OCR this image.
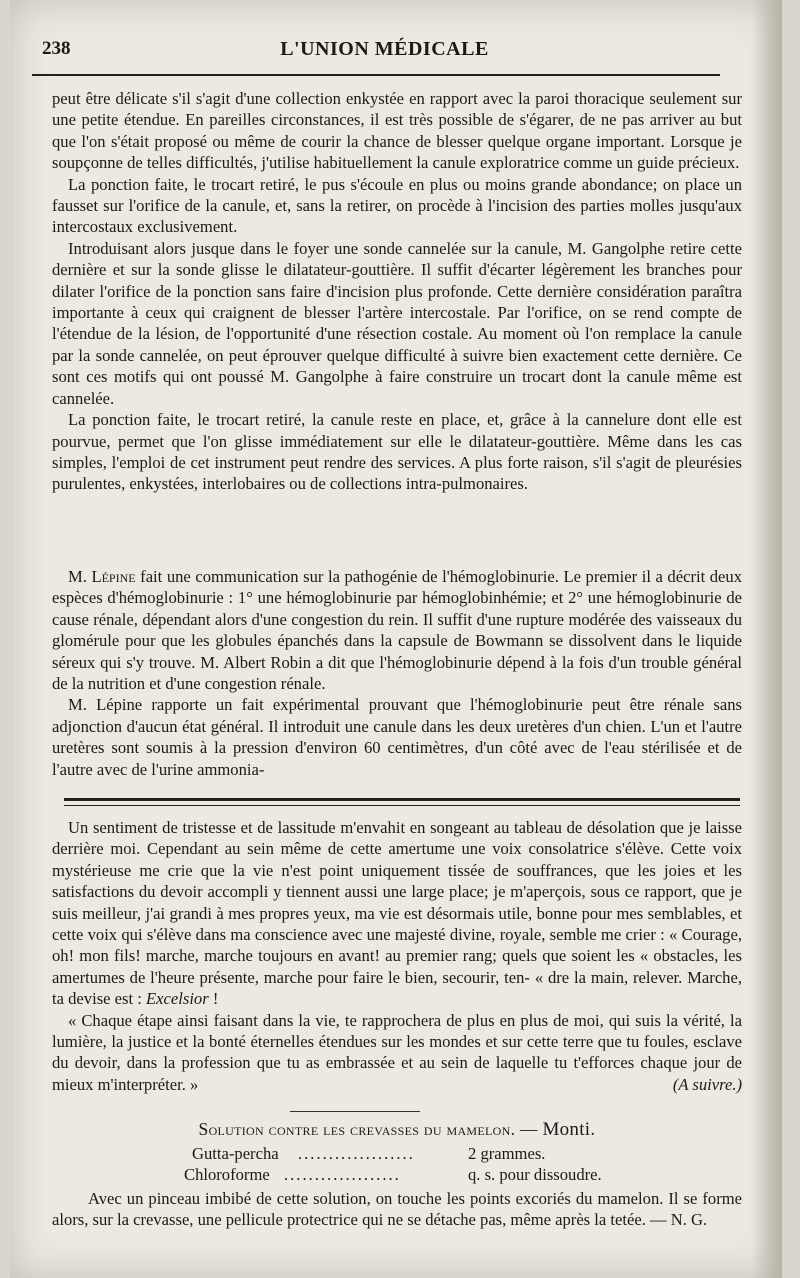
238	L'UNION MÉDICALE

peut être délicate s'il s'agit d'une collection enkystée en rapport avec la paroi thoracique seulement sur une petite étendue. En pareilles circonstances, il est très possible de s'égarer, de ne pas arriver au but que l'on s'était proposé ou même de courir la chance de blesser quelque organe important. Lorsque je soupçonne de telles difficultés, j'utilise habituellement la canule exploratrice comme un guide précieux.

La ponction faite, le trocart retiré, le pus s'écoule en plus ou moins grande abondance; on place un fausset sur l'orifice de la canule, et, sans la retirer, on procède à l'incision des parties molles jusqu'aux intercostaux exclusivement.

Introduisant alors jusque dans le foyer une sonde cannelée sur la canule, M. Gangolphe retire cette dernière et sur la sonde glisse le dilatateur-gouttière. Il suffit d'écarter légèrement les branches pour dilater l'orifice de la ponction sans faire d'incision plus profonde. Cette dernière considération paraîtra importante à ceux qui craignent de blesser l'artère intercostale. Par l'orifice, on se rend compte de l'étendue de la lésion, de l'opportunité d'une résection costale. Au moment où l'on remplace la canule par la sonde cannelée, on peut éprouver quelque difficulté à suivre bien exactement cette dernière. Ce sont ces motifs qui ont poussé M. Gangolphe à faire construire un trocart dont la canule même est cannelée.

La ponction faite, le trocart retiré, la canule reste en place, et, grâce à la cannelure dont elle est pourvue, permet que l'on glisse immédiatement sur elle le dilatateur-gouttière. Même dans les cas simples, l'emploi de cet instrument peut rendre des services. A plus forte raison, s'il s'agit de pleurésies purulentes, enkystées, interlobaires ou de collections intra-pulmonaires.

M. Lépine fait une communication sur la pathogénie de l'hémoglobinurie. Le premier il a décrit deux espèces d'hémoglobinurie : 1° une hémoglobinurie par hémoglobinhémie; et 2° une hémoglobinurie de cause rénale, dépendant alors d'une congestion du rein. Il suffit d'une rupture modérée des vaisseaux du glomérule pour que les globules épanchés dans la capsule de Bowmann se dissolvent dans le liquide séreux qui s'y trouve. M. Albert Robin a dit que l'hémoglobinurie dépend à la fois d'un trouble général de la nutrition et d'une congestion rénale.

M. Lépine rapporte un fait expérimental prouvant que l'hémoglobinurie peut être rénale sans adjonction d'aucun état général. Il introduit une canule dans les deux uretères d'un chien. L'un et l'autre uretères sont soumis à la pression d'environ 60 centimètres, d'un côté avec de l'eau stérilisée et de l'autre avec de l'urine ammonia-

Un sentiment de tristesse et de lassitude m'envahit en songeant au tableau de désolation que je laisse derrière moi. Cependant au sein même de cette amertume une voix consolatrice s'élève. Cette voix mystérieuse me crie que la vie n'est point uniquement tissée de souffrances, que les joies et les satisfactions du devoir accompli y tiennent aussi une large place; je m'aperçois, sous ce rapport, que je suis meilleur, j'ai grandi à mes propres yeux, ma vie est désormais utile, bonne pour mes semblables, et cette voix qui s'élève dans ma conscience avec une majesté divine, royale, semble me crier : « Courage, oh! mon fils! marche, marche toujours en avant! au premier rang; quels que soient les « obstacles, les amertumes de l'heure présente, marche pour faire le bien, secourir, ten- « dre la main, relever. Marche, ta devise est : Excelsior !

« Chaque étape ainsi faisant dans la vie, te rapprochera de plus en plus de moi, qui suis la vérité, la lumière, la justice et la bonté éternelles étendues sur les mondes et sur cette terre que tu foules, esclave du devoir, dans la profession que tu as embrassée et au sein de laquelle tu t'efforces chaque jour de mieux m'interpréter. »	(A suivre.)

Solution contre les crevasses du mamelon. — Monti.
Gutta-percha ...................	2 grammes.
Chloroforme ...................	q. s. pour dissoudre.

Avec un pinceau imbibé de cette solution, on touche les points excoriés du mamelon. Il se forme alors, sur la crevasse, une pellicule protectrice qui ne se détache pas, même après la tetée. — N. G.
